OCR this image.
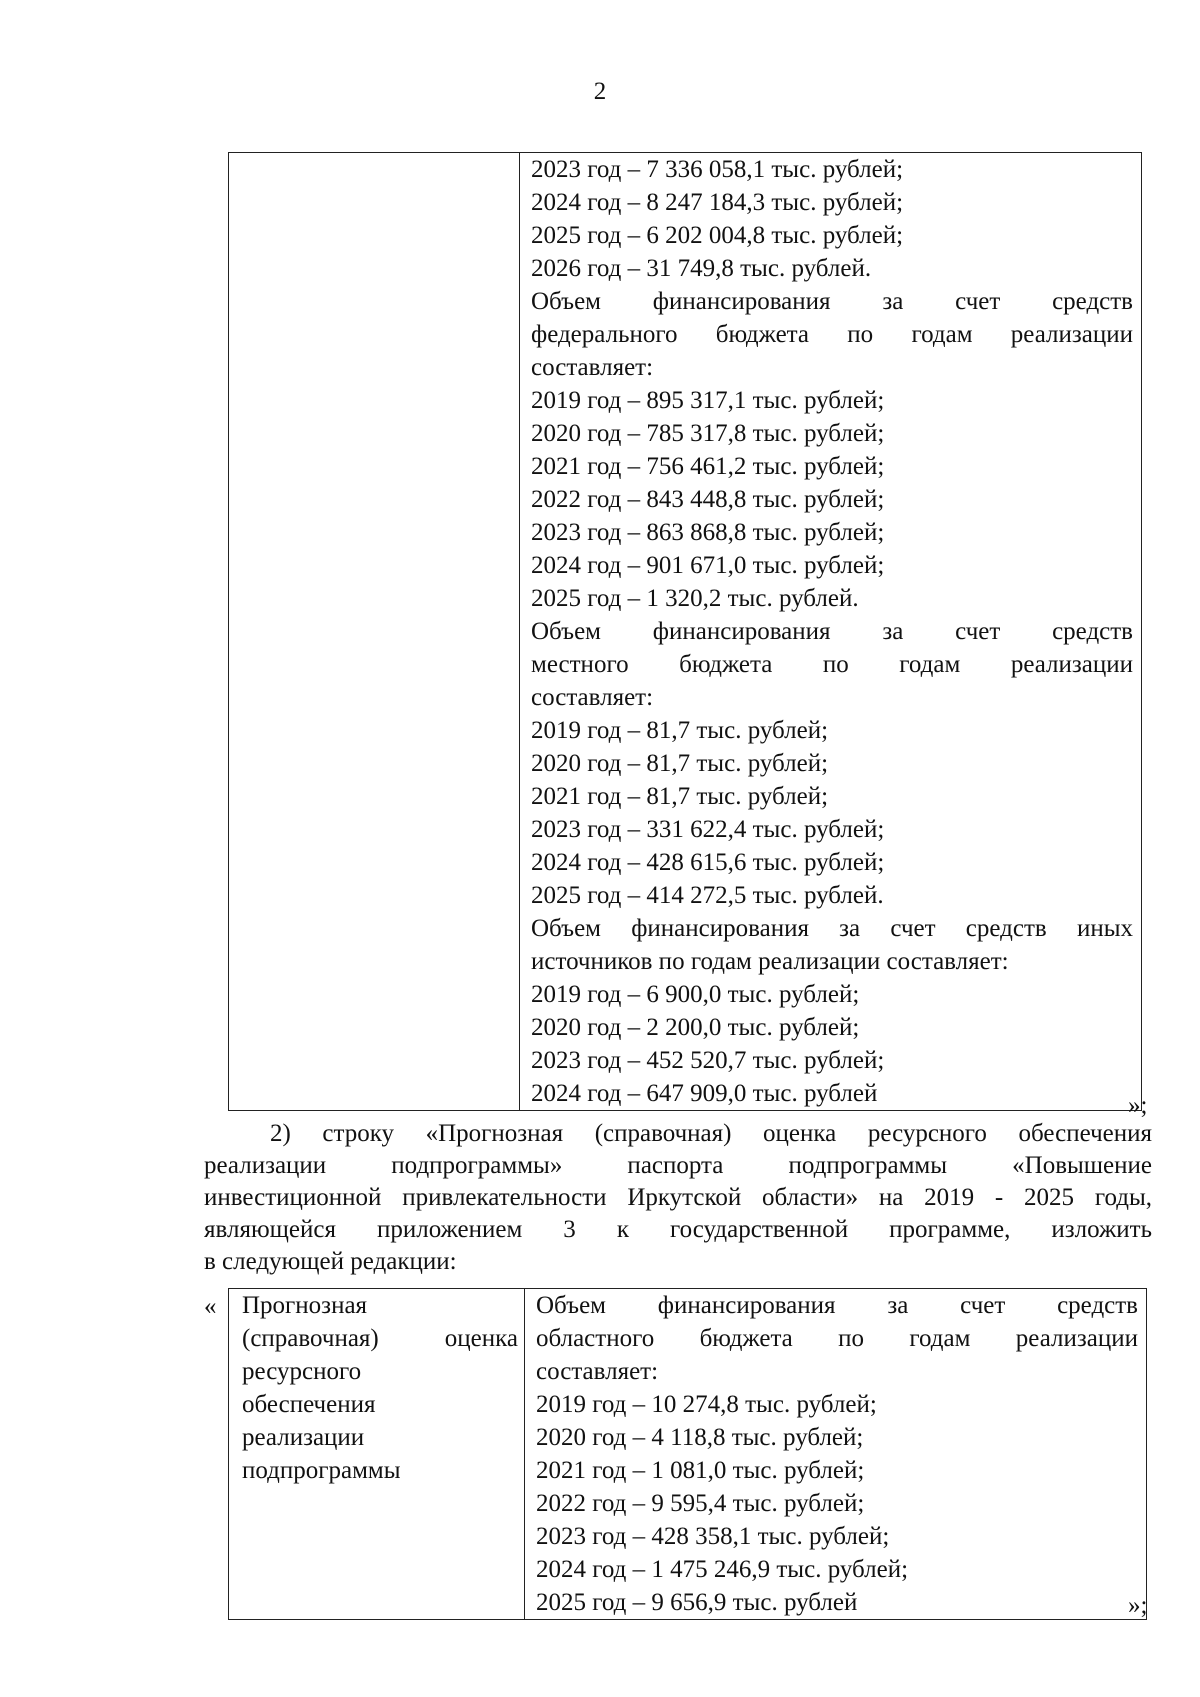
2

2023 год – 7 336 058,1 тыс. рублей;
2024 год – 8 247 184,3 тыс. рублей;
2025 год – 6 202 004,8 тыс. рублей;
2026 год – 31 749,8 тыс. рублей.
Объем финансирования за счет средств
федерального бюджета по годам реализации
составляет:
2019 год – 895 317,1 тыс. рублей;
2020 год – 785 317,8 тыс. рублей;
2021 год – 756 461,2 тыс. рублей;
2022 год – 843 448,8 тыс. рублей;
2023 год – 863 868,8 тыс. рублей;
2024 год – 901 671,0 тыс. рублей;
2025 год – 1 320,2 тыс. рублей.
Объем финансирования за счет средств
местного бюджета по годам реализации
составляет:
2019 год – 81,7 тыс. рублей;
2020 год – 81,7 тыс. рублей;
2021 год – 81,7 тыс. рублей;
2023 год – 331 622,4 тыс. рублей;
2024 год – 428 615,6 тыс. рублей;
2025 год – 414 272,5 тыс. рублей.
Объем финансирования за счет средств иных
источников по годам реализации составляет:
2019 год – 6 900,0 тыс. рублей;
2020 год – 2 200,0 тыс. рублей;
2023 год – 452 520,7 тыс. рублей;
2024 год – 647 909,0 тыс. рублей	»;
2) строку «Прогнозная (справочная) оценка ресурсного обеспечения
реализации подпрограммы» паспорта подпрограммы «Повышение
инвестиционной привлекательности Иркутской области» на 2019 - 2025 годы,
являющейся приложением 3 к государственной программе, изложить
в следующей редакции:
« Прогнозная
(справочная) оценка
ресурсного
обеспечения
реализации
подпрограммы

Объем финансирования за счет средств
областного бюджета по годам реализации
составляет:
2019 год – 10 274,8 тыс. рублей;
2020 год – 4 118,8 тыс. рублей;
2021 год – 1 081,0 тыс. рублей;
2022 год – 9 595,4 тыс. рублей;
2023 год – 428 358,1 тыс. рублей;
2024 год – 1 475 246,9 тыс. рублей;
2025 год – 9 656,9 тыс. рублей	»;
